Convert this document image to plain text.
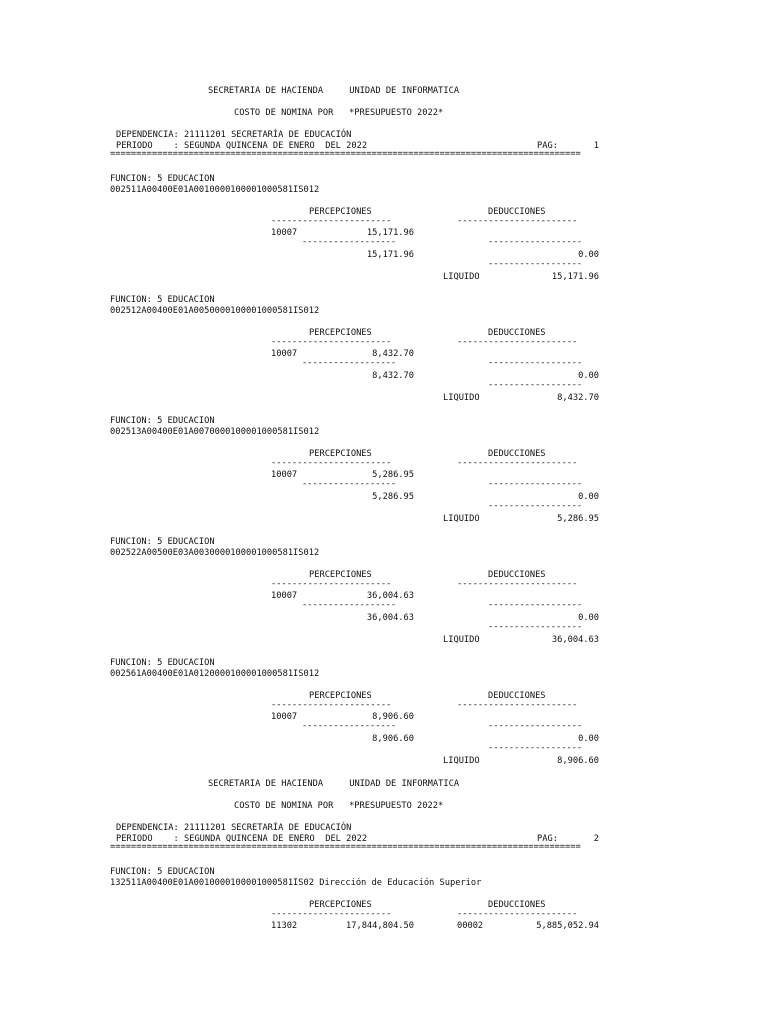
SECRETARIA DE HACIENDA     UNIDAD DE INFORMATICA
COSTO DE NOMINA POR   *PRESUPUESTO 2022*
DEPENDENCIA: 21111201 SECRETARÍA DE EDUCACIÓN
PERIODO    : SEGUNDA QUINCENA DE ENERO  DEL 2022	PAG:	1
==========================================================================================
FUNCION: 5 EDUCACION
002511A00400E01A0010000100001000581IS012
PERCEPCIONES	DEDUCCIONES
-----------------------	-----------------------
10007	15,171.96
------------------	------------------
15,171.96	0.00
------------------
LIQUIDO	15,171.96
FUNCION: 5 EDUCACION
002512A00400E01A0050000100001000581IS012
PERCEPCIONES	DEDUCCIONES
-----------------------	-----------------------
10007	8,432.70
------------------	------------------
8,432.70	0.00
------------------
LIQUIDO	8,432.70
FUNCION: 5 EDUCACION
002513A00400E01A0070000100001000581IS012
PERCEPCIONES	DEDUCCIONES
-----------------------	-----------------------
10007	5,286.95
------------------	------------------
5,286.95	0.00
------------------
LIQUIDO	5,286.95
FUNCION: 5 EDUCACION
002522A00500E03A0030000100001000581IS012
PERCEPCIONES	DEDUCCIONES
-----------------------	-----------------------
10007	36,004.63
------------------	------------------
36,004.63	0.00
------------------
LIQUIDO	36,004.63
FUNCION: 5 EDUCACION
002561A00400E01A0120000100001000581IS012
PERCEPCIONES	DEDUCCIONES
-----------------------	-----------------------
10007	8,906.60
------------------	------------------
8,906.60	0.00
------------------
LIQUIDO	8,906.60
SECRETARIA DE HACIENDA     UNIDAD DE INFORMATICA
COSTO DE NOMINA POR   *PRESUPUESTO 2022*
DEPENDENCIA: 21111201 SECRETARÍA DE EDUCACIÓN
PERIODO    : SEGUNDA QUINCENA DE ENERO  DEL 2022	PAG:	2
==========================================================================================
FUNCION: 5 EDUCACION
132511A00400E01A0010000100001000581IS02 Dirección de Educación Superior
PERCEPCIONES	DEDUCCIONES
-----------------------	-----------------------
11302	17,844,804.50	00002	5,885,052.94
